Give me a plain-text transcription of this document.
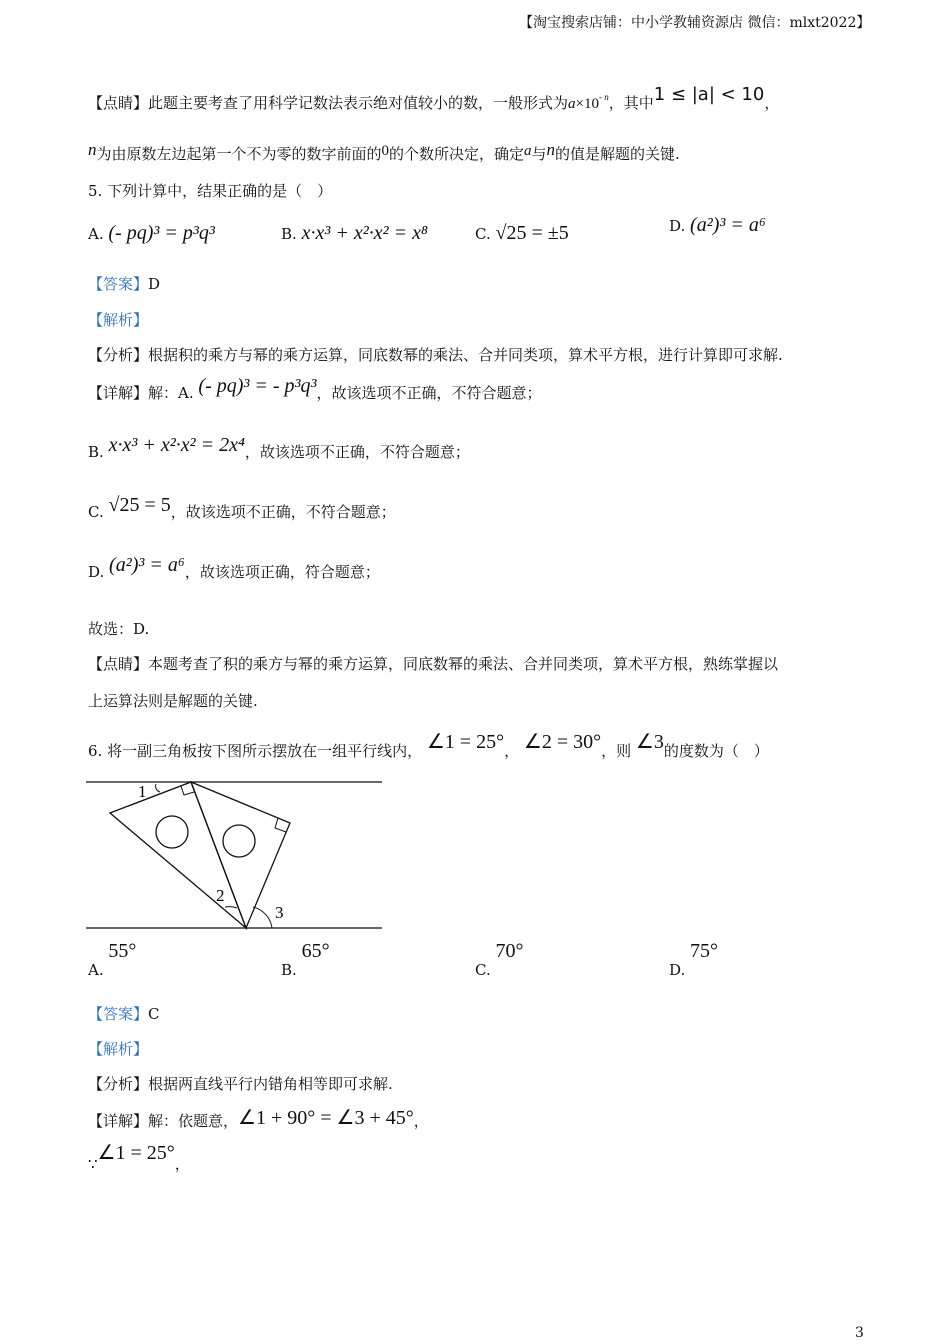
【淘宝搜索店铺：中小学教辅资源店 微信：mlxt2022】
【点睛】此题主要考查了用科学记数法表示绝对值较小的数，一般形式为$a\times 10^{- n}$，其中1 ≤ |a| < 10，
n为由原数左边起第一个不为零的数字前面的0的个数所决定，确定a与n的值是解题的关键.
5. 下列计算中，结果正确的是（　）
A. (- pq)³ = p³q³	B. x·x³ + x²·x² = x⁸	C. √25 = ±5	D. (a²)³ = a⁶
【答案】D
【解析】
【分析】根据积的乘方与幂的乘方运算，同底数幂的乘法、合并同类项，算术平方根，进行计算即可求解.
【详解】解：A. (- pq)³ = - p³q³，故该选项不正确，不符合题意；
B. x·x³ + x²·x² = 2x⁴，故该选项不正确，不符合题意；
C. √25 = 5，故该选项不正确，不符合题意；
D. (a²)³ = a⁶，故该选项正确，符合题意；
故选：D.
【点睛】本题考查了积的乘方与幂的乘方运算，同底数幂的乘法、合并同类项，算术平方根，熟练掌握以
上运算法则是解题的关键.
6. 将一副三角板按下图所示摆放在一组平行线内， ∠1 = 25°， ∠2 = 30°，则 ∠3的度数为（　）
1
2
3
A. 55°
B. 65°
C. 70°
D. 75°
【答案】C
【解析】
【分析】根据两直线平行内错角相等即可求解.
【详解】解：依题意，∠1 + 90° = ∠3 + 45°，
∵∠1 = 25°，
3
